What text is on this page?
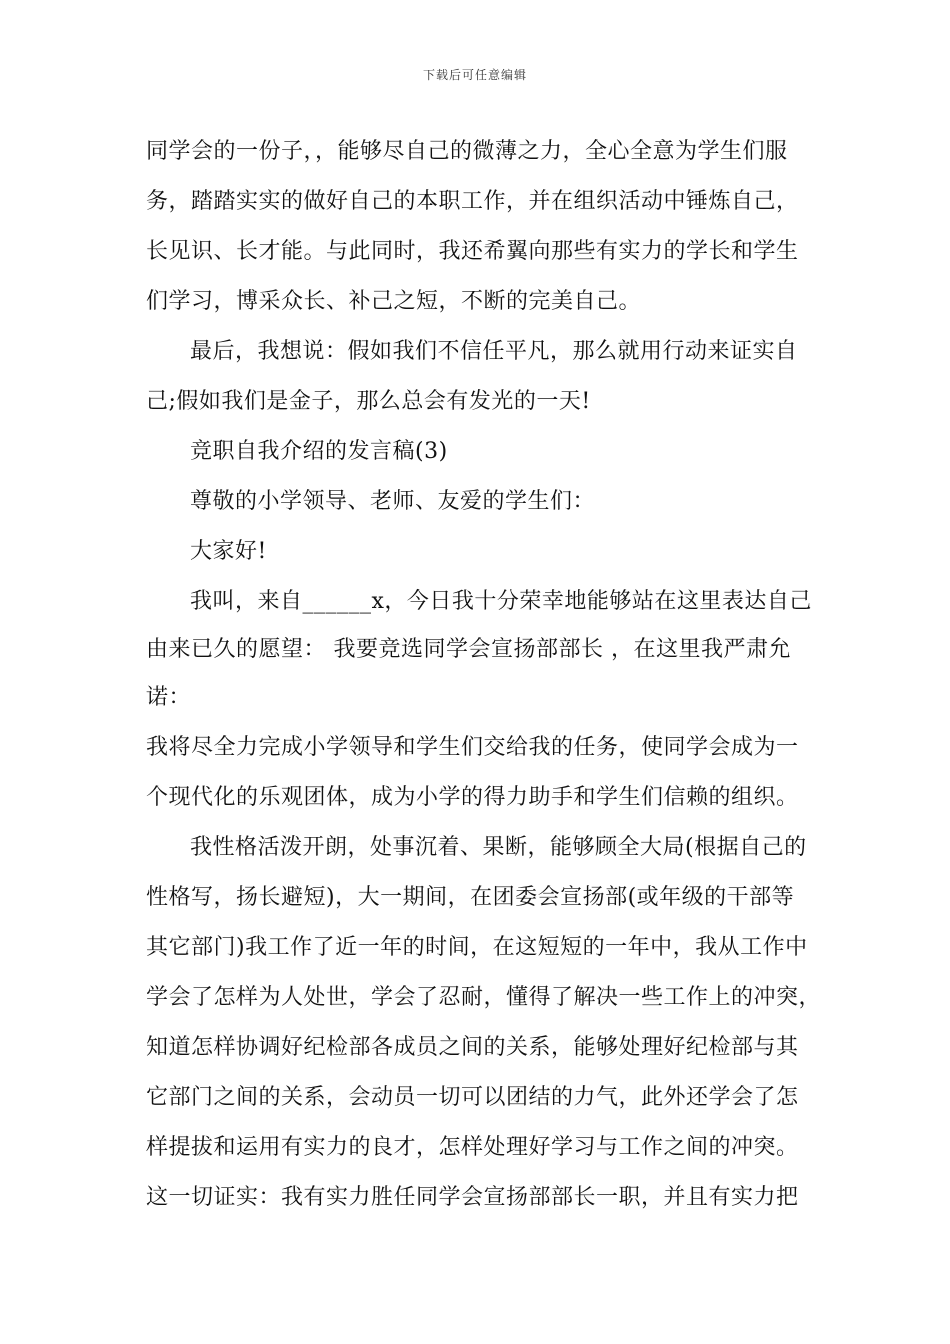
下载后可任意编辑
同学会的一份子，，能够尽自己的微薄之力，全心全意为学生们服
务，踏踏实实的做好自己的本职工作，并在组织活动中锤炼自己，
长见识、长才能。与此同时，我还希翼向那些有实力的学长和学生
们学习，博采众长、补己之短，不断的完美自己。
最后，我想说：假如我们不信任平凡，那么就用行动来证实自
己;假如我们是金子，那么总会有发光的一天!
竞职自我介绍的发言稿(3)
尊敬的小学领导、老师、友爱的学生们：
大家好!
我叫，来自______x，今日我十分荣幸地能够站在这里表达自己
由来已久的愿望： 我要竞选同学会宣扬部部长 ，在这里我严肃允
诺：
我将尽全力完成小学领导和学生们交给我的任务，使同学会成为一
个现代化的乐观团体，成为小学的得力助手和学生们信赖的组织。
我性格活泼开朗，处事沉着、果断，能够顾全大局(根据自己的
性格写，扬长避短)，大一期间，在团委会宣扬部(或年级的干部等
其它部门)我工作了近一年的时间，在这短短的一年中，我从工作中
学会了怎样为人处世，学会了忍耐，懂得了解决一些工作上的冲突，
知道怎样协调好纪检部各成员之间的关系，能够处理好纪检部与其
它部门之间的关系，会动员一切可以团结的力气，此外还学会了怎
样提拔和运用有实力的良才，怎样处理好学习与工作之间的冲突。
这一切证实：我有实力胜任同学会宣扬部部长一职，并且有实力把
